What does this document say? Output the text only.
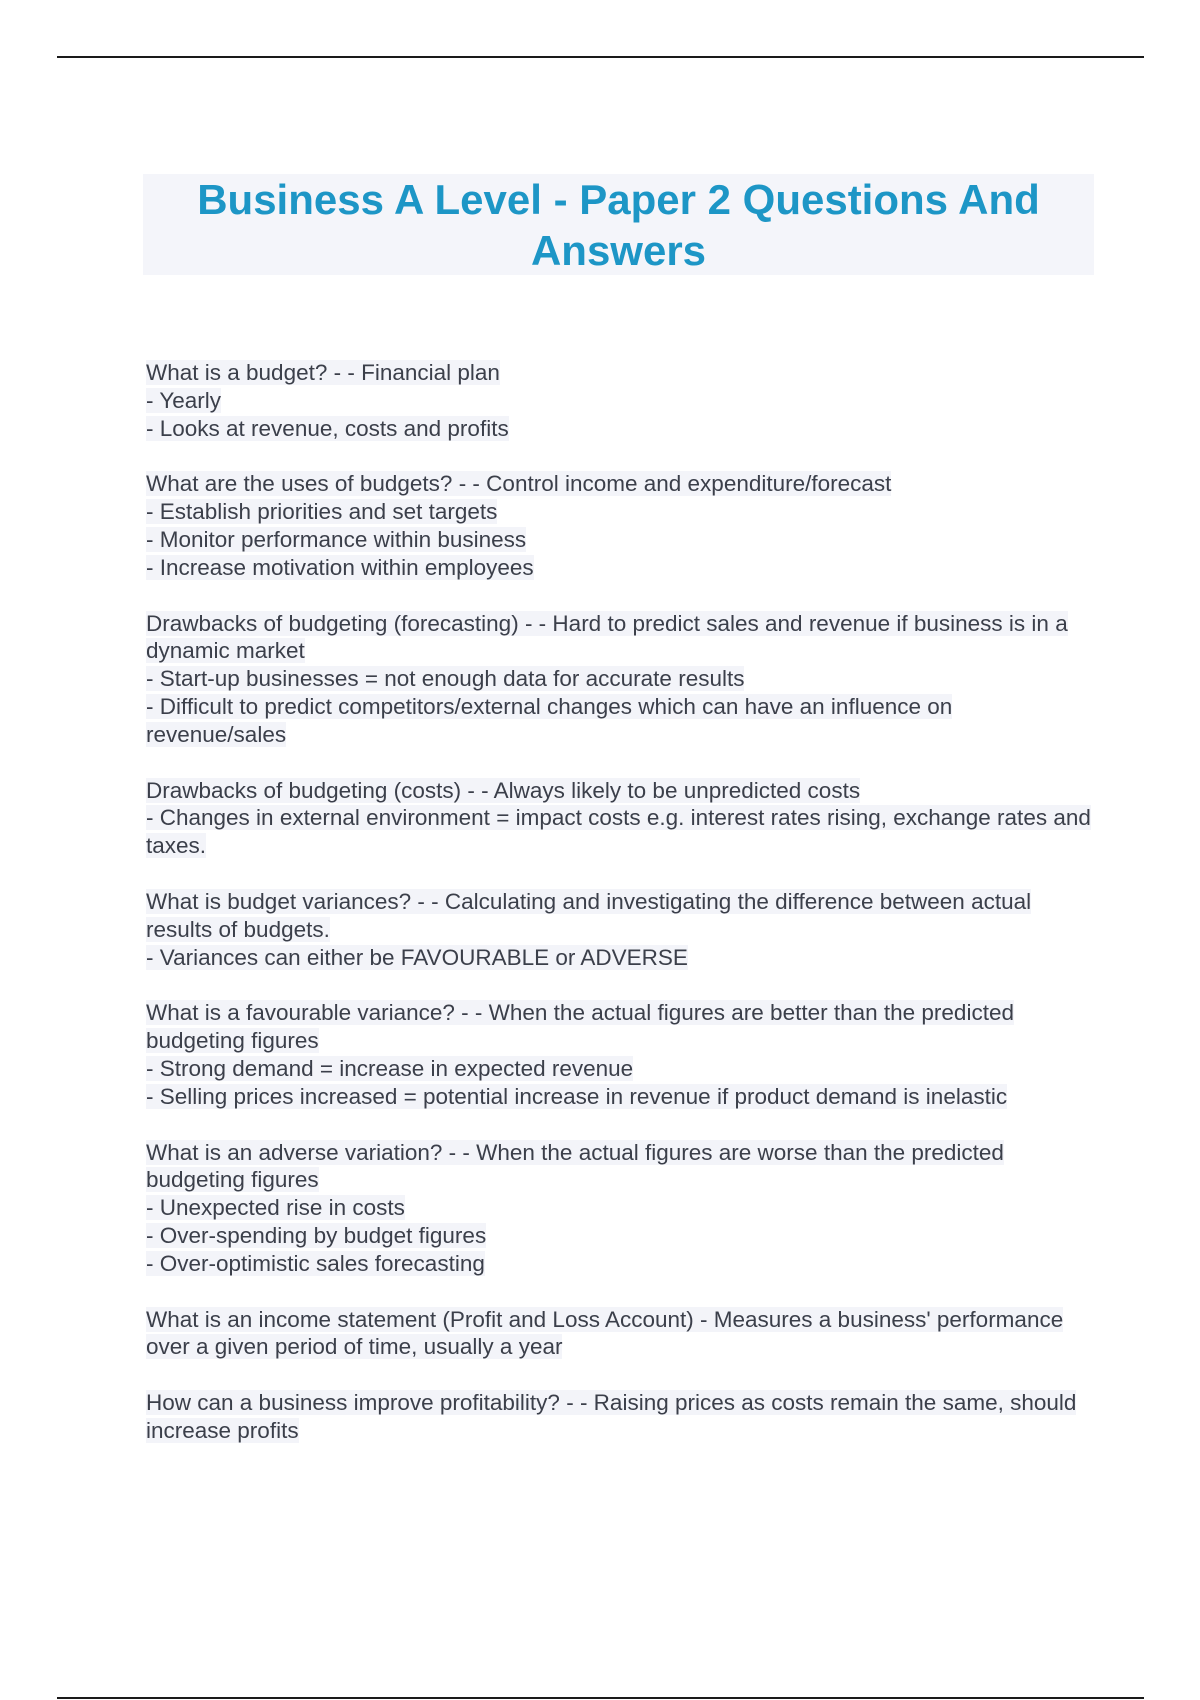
Business A Level - Paper 2 Questions And Answers
What is a budget? - - Financial plan
- Yearly
- Looks at revenue, costs and profits
What are the uses of budgets? - - Control income and expenditure/forecast
- Establish priorities and set targets
- Monitor performance within business
- Increase motivation within employees
Drawbacks of budgeting (forecasting) - - Hard to predict sales and revenue if business is in a dynamic market
- Start-up businesses = not enough data for accurate results
- Difficult to predict competitors/external changes which can have an influence on revenue/sales
Drawbacks of budgeting (costs) - - Always likely to be unpredicted costs
- Changes in external environment = impact costs e.g. interest rates rising, exchange rates and taxes.
What is budget variances? - - Calculating and investigating the difference between actual results of budgets.
- Variances can either be FAVOURABLE or ADVERSE
What is a favourable variance? - - When the actual figures are better than the predicted budgeting figures
- Strong demand = increase in expected revenue
- Selling prices increased = potential increase in revenue if product demand is inelastic
What is an adverse variation? - - When the actual figures are worse than the predicted budgeting figures
- Unexpected rise in costs
- Over-spending by budget figures
- Over-optimistic sales forecasting
What is an income statement (Profit and Loss Account) - Measures a business' performance over a given period of time, usually a year
How can a business improve profitability? - - Raising prices as costs remain the same, should increase profits
